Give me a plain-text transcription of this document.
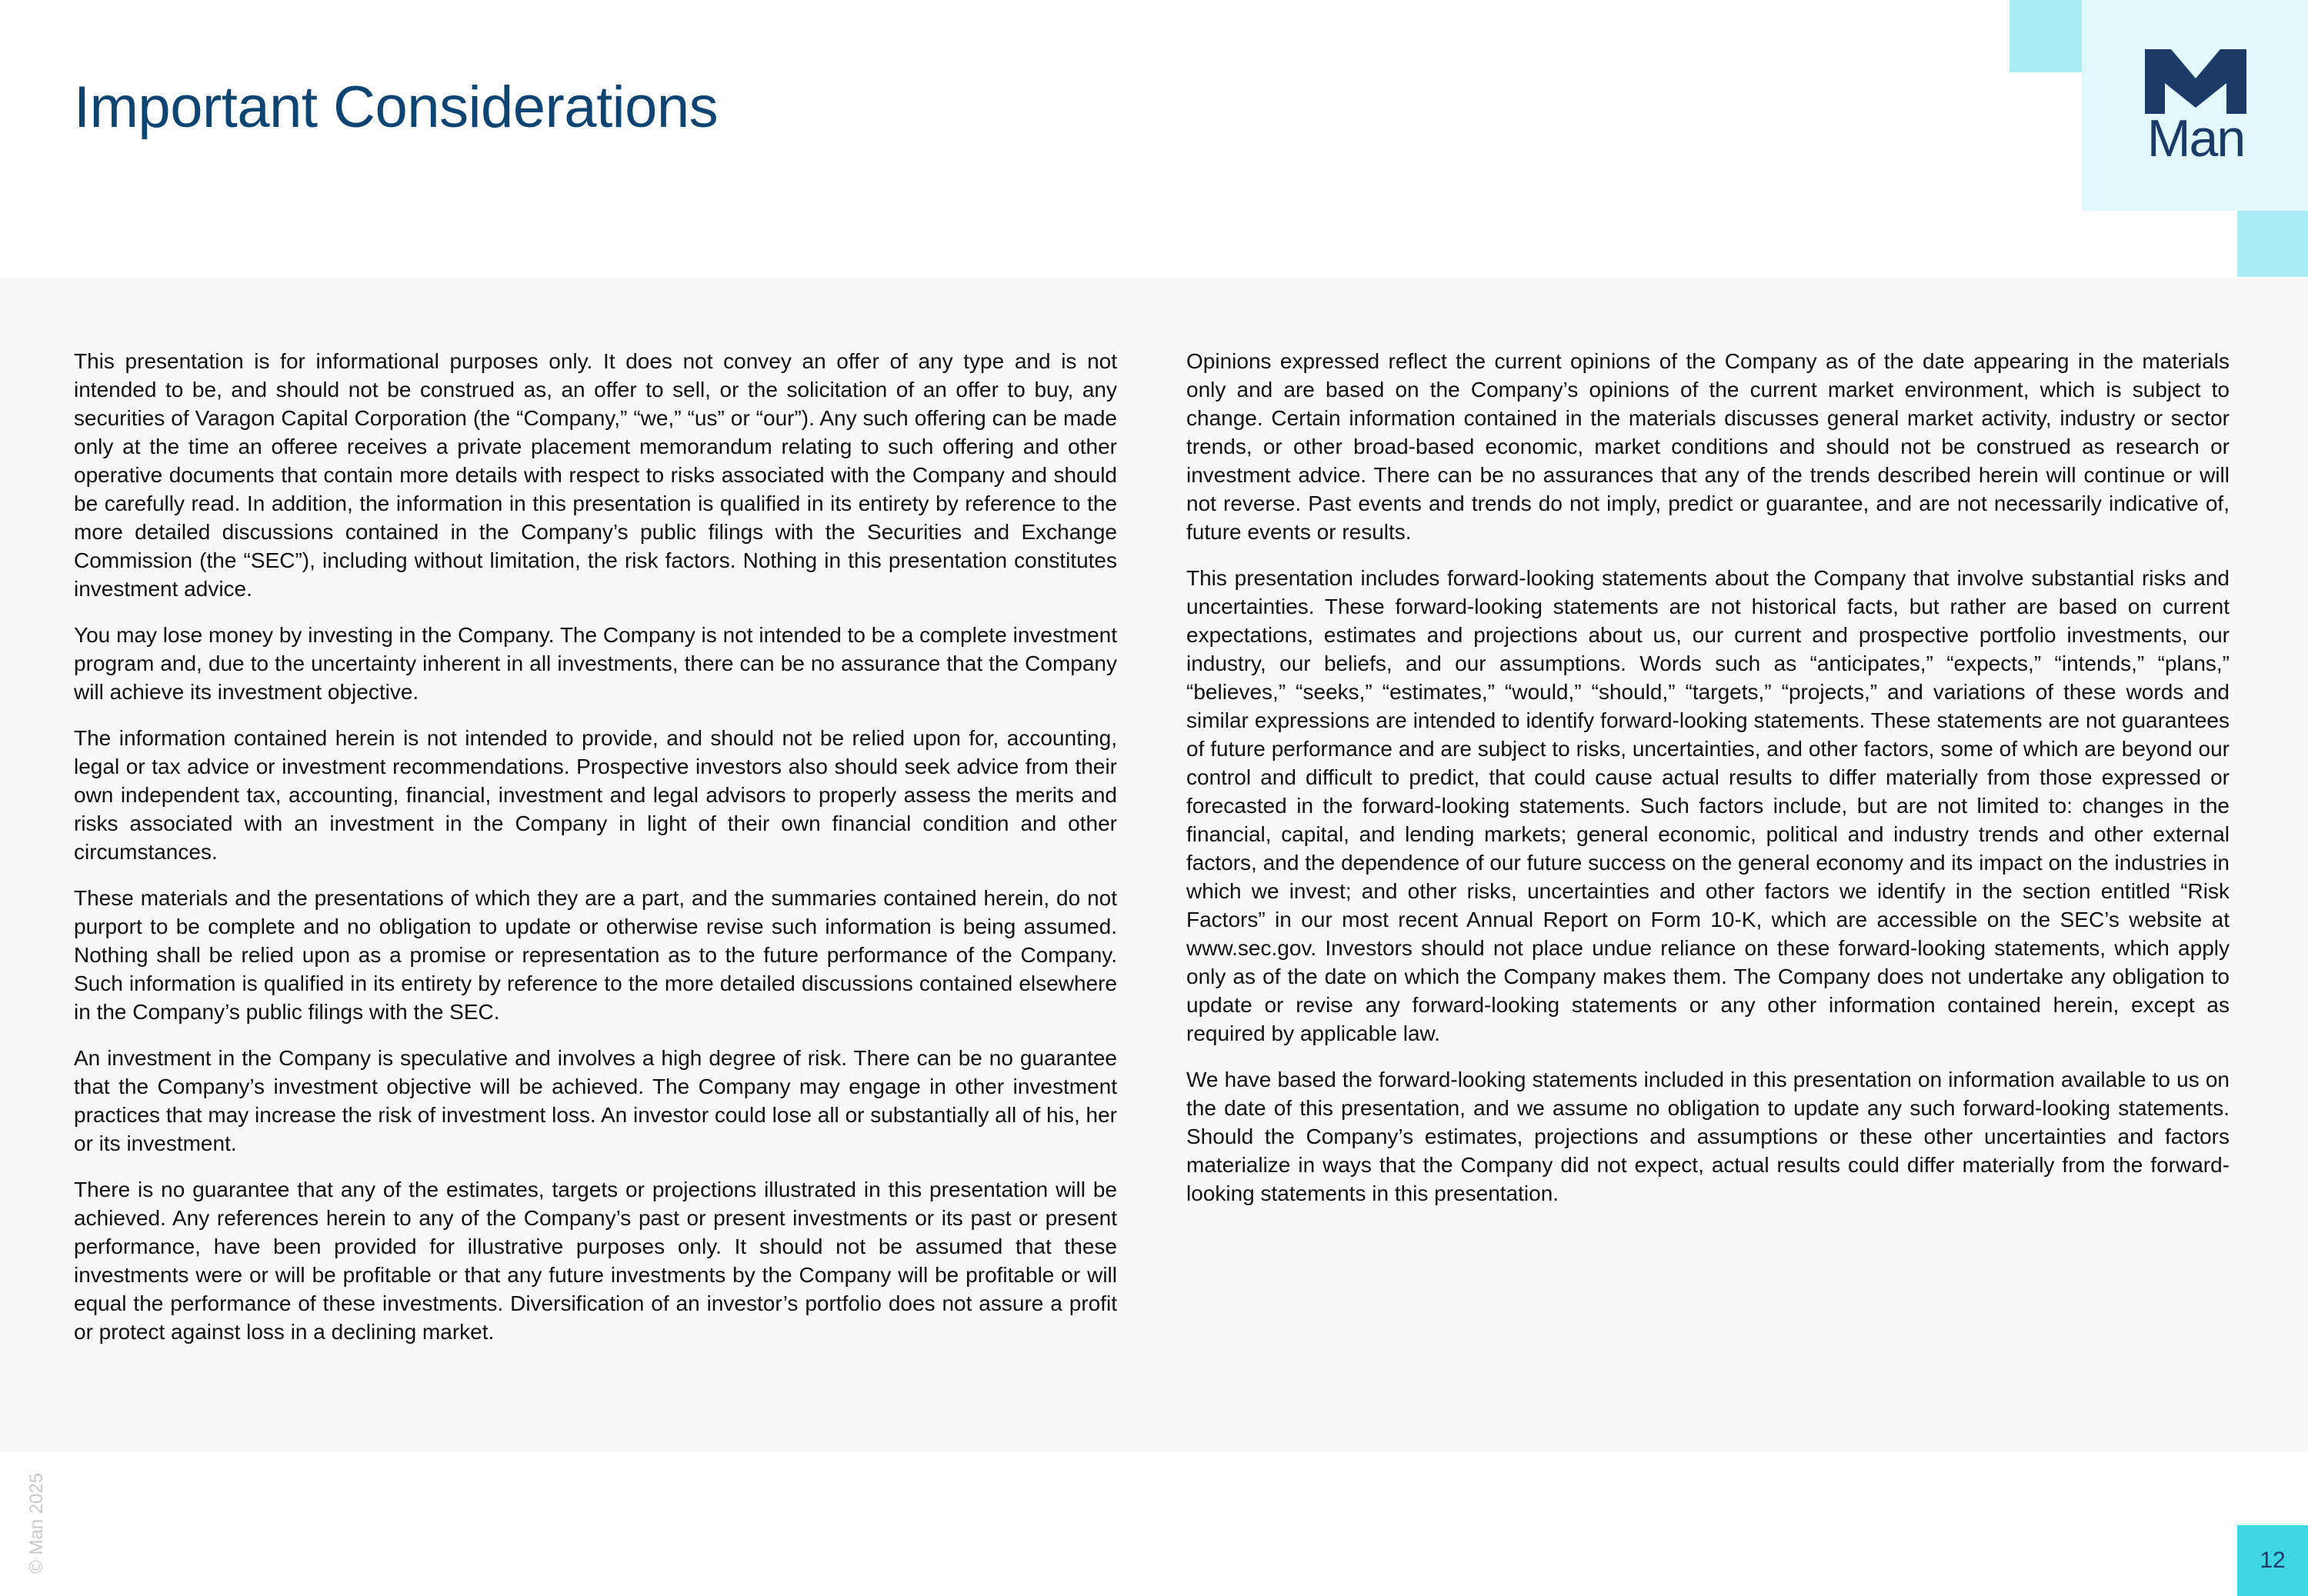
Important Considerations	Man

This presentation is for informational purposes only. It does not convey an offer of any type and is not intended to be, and should not be construed as, an offer to sell, or the solicitation of an offer to buy, any securities of Varagon Capital Corporation (the “Company,” “we,” “us” or “our”). Any such offering can be made only at the time an offeree receives a private placement memorandum relating to such offering and other operative documents that contain more details with respect to risks associated with the Company and should be carefully read. In addition, the information in this presentation is qualified in its entirety by reference to the more detailed discussions contained in the Company’s public filings with the Securities and Exchange Commission (the “SEC”), including without limitation, the risk factors. Nothing in this presentation constitutes investment advice.

You may lose money by investing in the Company. The Company is not intended to be a complete investment program and, due to the uncertainty inherent in all investments, there can be no assurance that the Company will achieve its investment objective.

The information contained herein is not intended to provide, and should not be relied upon for, accounting, legal or tax advice or investment recommendations. Prospective investors also should seek advice from their own independent tax, accounting, financial, investment and legal advisors to properly assess the merits and risks associated with an investment in the Company in light of their own financial condition and other circumstances.

These materials and the presentations of which they are a part, and the summaries contained herein, do not purport to be complete and no obligation to update or otherwise revise such information is being assumed. Nothing shall be relied upon as a promise or representation as to the future performance of the Company. Such information is qualified in its entirety by reference to the more detailed discussions contained elsewhere in the Company’s public filings with the SEC.

An investment in the Company is speculative and involves a high degree of risk. There can be no guarantee that the Company’s investment objective will be achieved. The Company may engage in other investment practices that may increase the risk of investment loss. An investor could lose all or substantially all of his, her or its investment.

There is no guarantee that any of the estimates, targets or projections illustrated in this presentation will be achieved. Any references herein to any of the Company’s past or present investments or its past or present performance, have been provided for illustrative purposes only. It should not be assumed that these investments were or will be profitable or that any future investments by the Company will be profitable or will equal the performance of these investments. Diversification of an investor’s portfolio does not assure a profit or protect against loss in a declining market.

Opinions expressed reflect the current opinions of the Company as of the date appearing in the materials only and are based on the Company’s opinions of the current market environment, which is subject to change. Certain information contained in the materials discusses general market activity, industry or sector trends, or other broad-based economic, market conditions and should not be construed as research or investment advice. There can be no assurances that any of the trends described herein will continue or will not reverse. Past events and trends do not imply, predict or guarantee, and are not necessarily indicative of, future events or results.

This presentation includes forward-looking statements about the Company that involve substantial risks and uncertainties. These forward-looking statements are not historical facts, but rather are based on current expectations, estimates and projections about us, our current and prospective portfolio investments, our industry, our beliefs, and our assumptions. Words such as “anticipates,” “expects,” “intends,” “plans,” “believes,” “seeks,” “estimates,” “would,” “should,” “targets,” “projects,” and variations of these words and similar expressions are intended to identify forward-looking statements. These statements are not guarantees of future performance and are subject to risks, uncertainties, and other factors, some of which are beyond our control and difficult to predict, that could cause actual results to differ materially from those expressed or forecasted in the forward-looking statements. Such factors include, but are not limited to: changes in the financial, capital, and lending markets; general economic, political and industry trends and other external factors, and the dependence of our future success on the general economy and its impact on the industries in which we invest; and other risks, uncertainties and other factors we identify in the section entitled “Risk Factors” in our most recent Annual Report on Form 10-K, which are accessible on the SEC’s website at www.sec.gov. Investors should not place undue reliance on these forward-looking statements, which apply only as of the date on which the Company makes them. The Company does not undertake any obligation to update or revise any forward-looking statements or any other information contained herein, except as required by applicable law.

We have based the forward-looking statements included in this presentation on information available to us on the date of this presentation, and we assume no obligation to update any such forward-looking statements. Should the Company’s estimates, projections and assumptions or these other uncertainties and factors materialize in ways that the Company did not expect, actual results could differ materially from the forward-looking statements in this presentation.

© Man 2025	12
